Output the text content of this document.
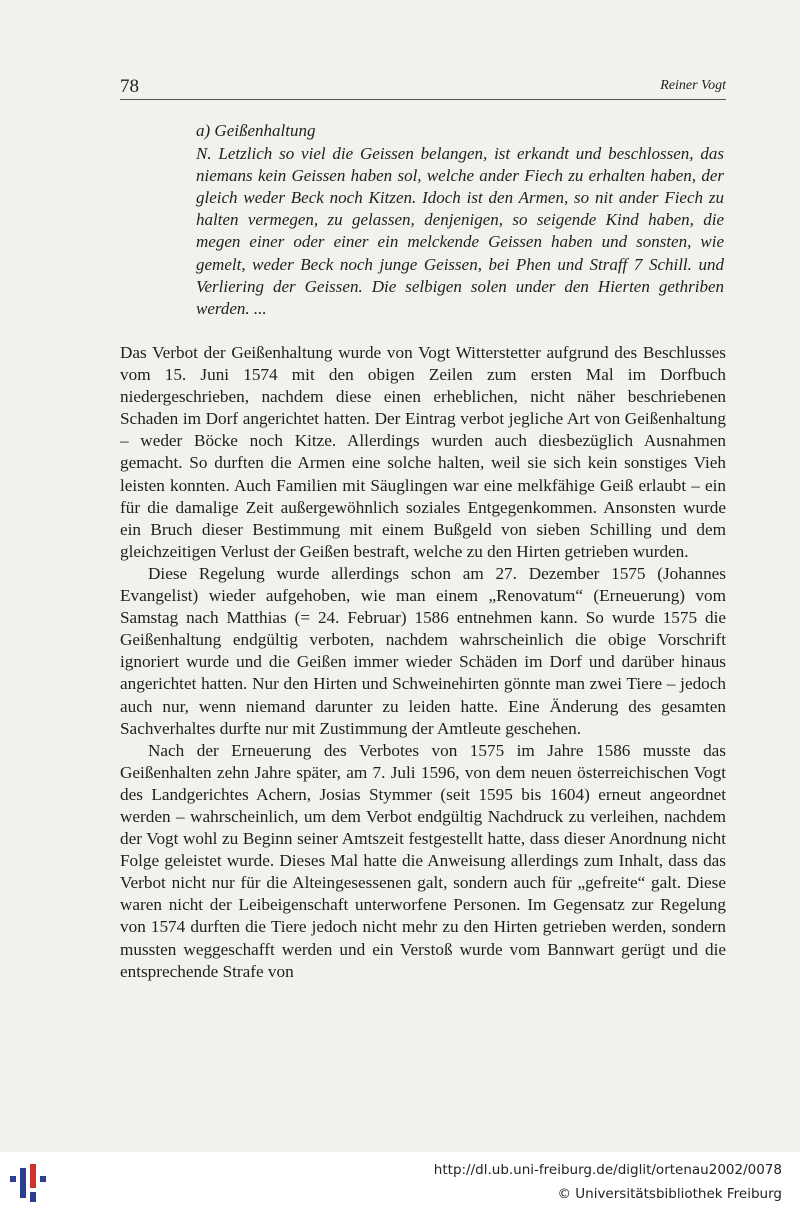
78	Reiner Vogt

a) Geißenhaltung

N. Letzlich so viel die Geissen belangen, ist erkandt und beschlossen, das niemans kein Geissen haben sol, welche ander Fiech zu erhalten haben, der gleich weder Beck noch Kitzen. Idoch ist den Armen, so nit ander Fiech zu halten vermegen, zu gelassen, denjenigen, so seigende Kind haben, die megen einer oder einer ein melckende Geissen haben und sonsten, wie gemelt, weder Beck noch junge Geissen, bei Phen und Straff 7 Schill. und Verliering der Geissen. Die selbigen solen under den Hierten gethriben werden. ...

Das Verbot der Geißenhaltung wurde von Vogt Witterstetter aufgrund des Beschlusses vom 15. Juni 1574 mit den obigen Zeilen zum ersten Mal im Dorfbuch niedergeschrieben, nachdem diese einen erheblichen, nicht näher beschriebenen Schaden im Dorf angerichtet hatten. Der Eintrag verbot jegliche Art von Geißenhaltung – weder Böcke noch Kitze. Allerdings wurden auch diesbezüglich Ausnahmen gemacht. So durften die Armen eine solche halten, weil sie sich kein sonstiges Vieh leisten konnten. Auch Familien mit Säuglingen war eine melkfähige Geiß erlaubt – ein für die damalige Zeit außergewöhnlich soziales Entgegenkommen. Ansonsten wurde ein Bruch dieser Bestimmung mit einem Bußgeld von sieben Schilling und dem gleichzeitigen Verlust der Geißen bestraft, welche zu den Hirten getrieben wurden.

Diese Regelung wurde allerdings schon am 27. Dezember 1575 (Johannes Evangelist) wieder aufgehoben, wie man einem „Renovatum“ (Erneuerung) vom Samstag nach Matthias (= 24. Februar) 1586 entnehmen kann. So wurde 1575 die Geißenhaltung endgültig verboten, nachdem wahrscheinlich die obige Vorschrift ignoriert wurde und die Geißen immer wieder Schäden im Dorf und darüber hinaus angerichtet hatten. Nur den Hirten und Schweinehirten gönnte man zwei Tiere – jedoch auch nur, wenn niemand darunter zu leiden hatte. Eine Änderung des gesamten Sachverhaltes durfte nur mit Zustimmung der Amtleute geschehen.

Nach der Erneuerung des Verbotes von 1575 im Jahre 1586 musste das Geißenhalten zehn Jahre später, am 7. Juli 1596, von dem neuen österreichischen Vogt des Landgerichtes Achern, Josias Stymmer (seit 1595 bis 1604) erneut angeordnet werden – wahrscheinlich, um dem Verbot endgültig Nachdruck zu verleihen, nachdem der Vogt wohl zu Beginn seiner Amtszeit festgestellt hatte, dass dieser Anordnung nicht Folge geleistet wurde. Dieses Mal hatte die Anweisung allerdings zum Inhalt, dass das Verbot nicht nur für die Alteingesessenen galt, sondern auch für „gefreite“ galt. Diese waren nicht der Leibeigenschaft unterworfene Personen. Im Gegensatz zur Regelung von 1574 durften die Tiere jedoch nicht mehr zu den Hirten getrieben werden, sondern mussten weggeschafft werden und ein Verstoß wurde vom Bannwart gerügt und die entsprechende Strafe von

http://dl.ub.uni-freiburg.de/diglit/ortenau2002/0078
© Universitätsbibliothek Freiburg
